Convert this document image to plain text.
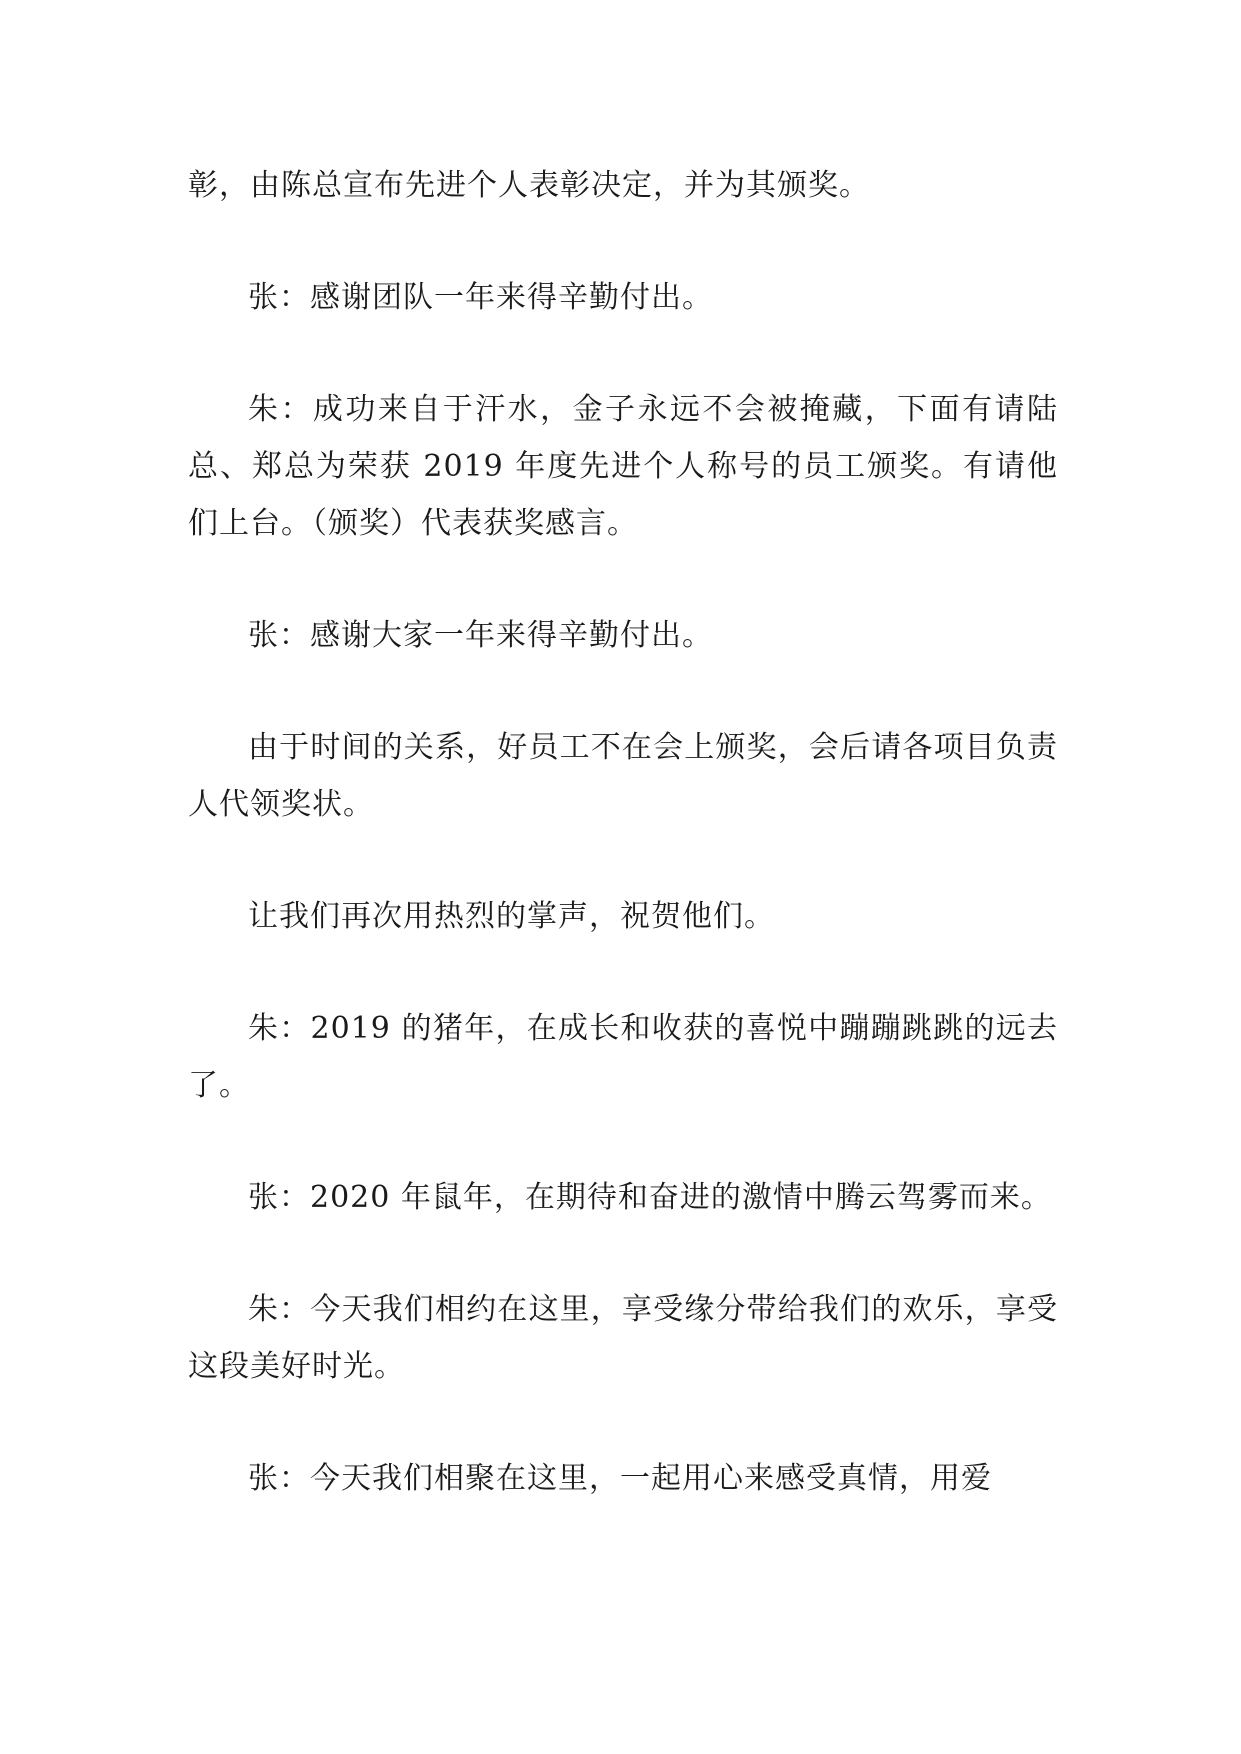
彰，由陈总宣布先进个人表彰决定，并为其颁奖。

张：感谢团队一年来得辛勤付出。

朱：成功来自于汗水，金子永远不会被掩藏，下面有请陆总、郑总为荣获 2019 年度先进个人称号的员工颁奖。有请他们上台。（颁奖）代表获奖感言。

张：感谢大家一年来得辛勤付出。

由于时间的关系，好员工不在会上颁奖，会后请各项目负责人代领奖状。

让我们再次用热烈的掌声，祝贺他们。

朱：2019 的猪年，在成长和收获的喜悦中蹦蹦跳跳的远去了。

张：2020 年鼠年，在期待和奋进的激情中腾云驾雾而来。

朱：今天我们相约在这里，享受缘分带给我们的欢乐，享受这段美好时光。

张：今天我们相聚在这里，一起用心来感受真情，用爱
